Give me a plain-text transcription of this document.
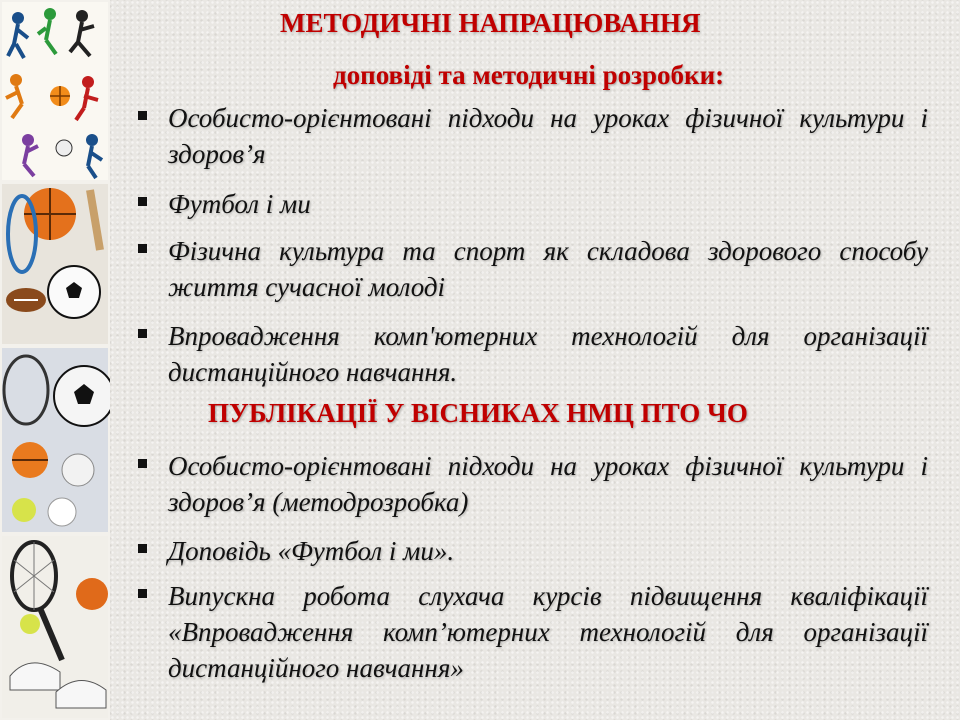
МЕТОДИЧНІ НАПРАЦЮВАННЯ
доповіді та методичні розробки:
Особисто-орієнтовані підходи на уроках фізичної культури і здоров’я
Футбол і ми
Фізична культура та спорт як складова здорового способу життя сучасної молоді
Впровадження комп'ютерних технологій для організації дистанційного навчання.
ПУБЛІКАЦІЇ У ВІСНИКАХ НМЦ ПТО ЧО
Особисто-орієнтовані підходи на уроках фізичної культури і здоров’я (методрозробка)
Доповідь «Футбол і ми».
Випускна робота слухача курсів підвищення кваліфікації «Впровадження комп’ютерних технологій для організації дистанційного навчання»
